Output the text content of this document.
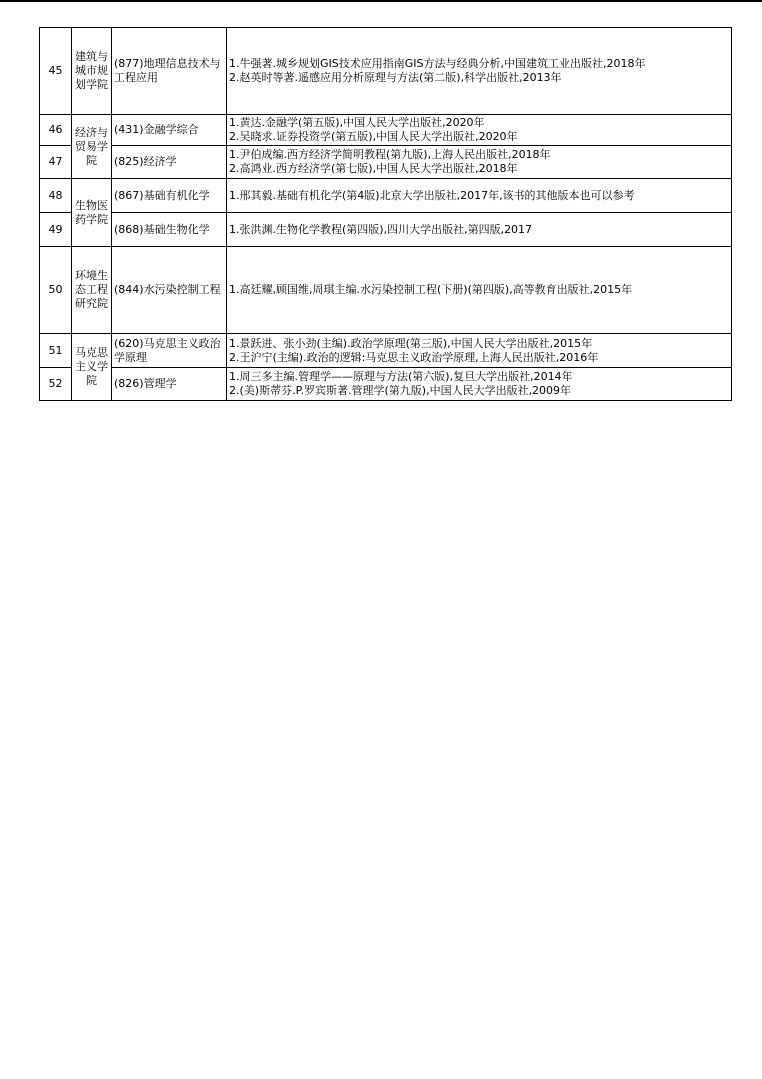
45	建筑与城市规划学院	(877)地理信息技术与工程应用	1.牛强著.城乡规划GIS技术应用指南GIS方法与经典分析,中国建筑工业出版社,2018年
2.赵英时等著.遥感应用分析原理与方法(第二版),科学出版社,2013年

46	经济与贸易学院	(431)金融学综合	1.黄达.金融学(第五版),中国人民大学出版社,2020年
2.吴晓求.证券投资学(第五版),中国人民大学出版社,2020年

47		(825)经济学	1.尹伯成编.西方经济学简明教程(第九版),上海人民出版社,2018年
2.高鸿业.西方经济学(第七版),中国人民大学出版社,2018年

48	生物医药学院	(867)基础有机化学	1.邢其毅.基础有机化学(第4版)北京大学出版社,2017年,该书的其他版本也可以参考

49		(868)基础生物化学	1.张洪渊.生物化学教程(第四版),四川大学出版社,第四版,2017

50	环境生态工程研究院	(844)水污染控制工程	1.高廷耀,顾国维,周琪主编.水污染控制工程(下册)(第四版),高等教育出版社,2015年

51	马克思主义学院	(620)马克思主义政治学原理	1.景跃进、张小劲(主编).政治学原理(第三版),中国人民大学出版社,2015年
2.王沪宁(主编).政治的逻辑:马克思主义政治学原理,上海人民出版社,2016年

52		(826)管理学	1.周三多主编.管理学——原理与方法(第六版),复旦大学出版社,2014年
2.(美)斯蒂芬.P.罗宾斯著.管理学(第九版),中国人民大学出版社,2009年
